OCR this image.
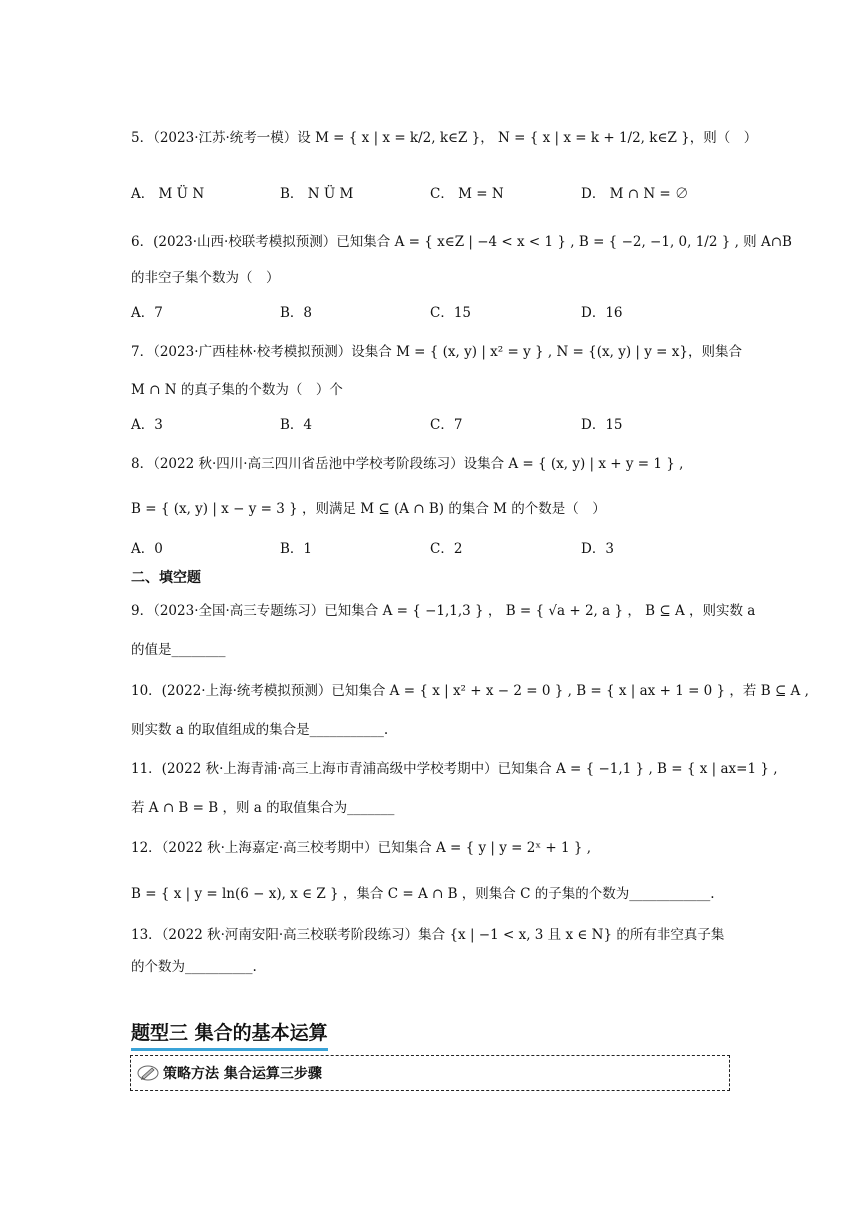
5．（2023·江苏·统考一模）设 M = { x | x = k/2, k∈Z }， N = { x | x = k + 1/2, k∈Z }，则（　）
A． M Ü N	B． N Ü M	C． M = N	D． M ∩ N = ∅
6．(2023·山西·校联考模拟预测）已知集合 A = { x∈Z | −4 < x < 1 } , B = { −2, −1, 0, 1/2 } , 则 A∩B
的非空子集个数为（　）
A．7	B．8	C．15	D．16
7．（2023·广西桂林·校考模拟预测）设集合 M = { (x, y) | x² = y } , N = {(x, y) | y = x}，则集合
M ∩ N 的真子集的个数为（　）个
A．3	B．4	C．7	D．15
8．（2022 秋·四川·高三四川省岳池中学校考阶段练习）设集合 A = { (x, y) | x + y = 1 } ,
B = { (x, y) | x − y = 3 } ，则满足 M ⊆ (A ∩ B) 的集合 M 的个数是（　）
A．0	B．1	C．2	D．3
二、填空题
9．（2023·全国·高三专题练习）已知集合 A = { −1,1,3 } ， B = { √a + 2, a } ， B ⊆ A ，则实数 a
的值是________
10．(2022·上海·统考模拟预测）已知集合 A = { x | x² + x − 2 = 0 } , B = { x | ax + 1 = 0 } ，若 B ⊆ A ,
则实数 a 的取值组成的集合是___________.
11．(2022 秋·上海青浦·高三上海市青浦高级中学校考期中）已知集合 A = { −1,1 } , B = { x | ax=1 } ,
若 A ∩ B = B ，则 a 的取值集合为_______
12．（2022 秋·上海嘉定·高三校考期中）已知集合 A = { y | y = 2ˣ + 1 } ,
B = { x | y = ln(6 − x), x ∈ Z } ，集合 C = A ∩ B ，则集合 C 的子集的个数为____________.
13．（2022 秋·河南安阳·高三校联考阶段练习）集合 {x | −1 < x, 3 且 x ∈ N} 的所有非空真子集
的个数为__________.
题型三 集合的基本运算
策略方法 集合运算三步骤
